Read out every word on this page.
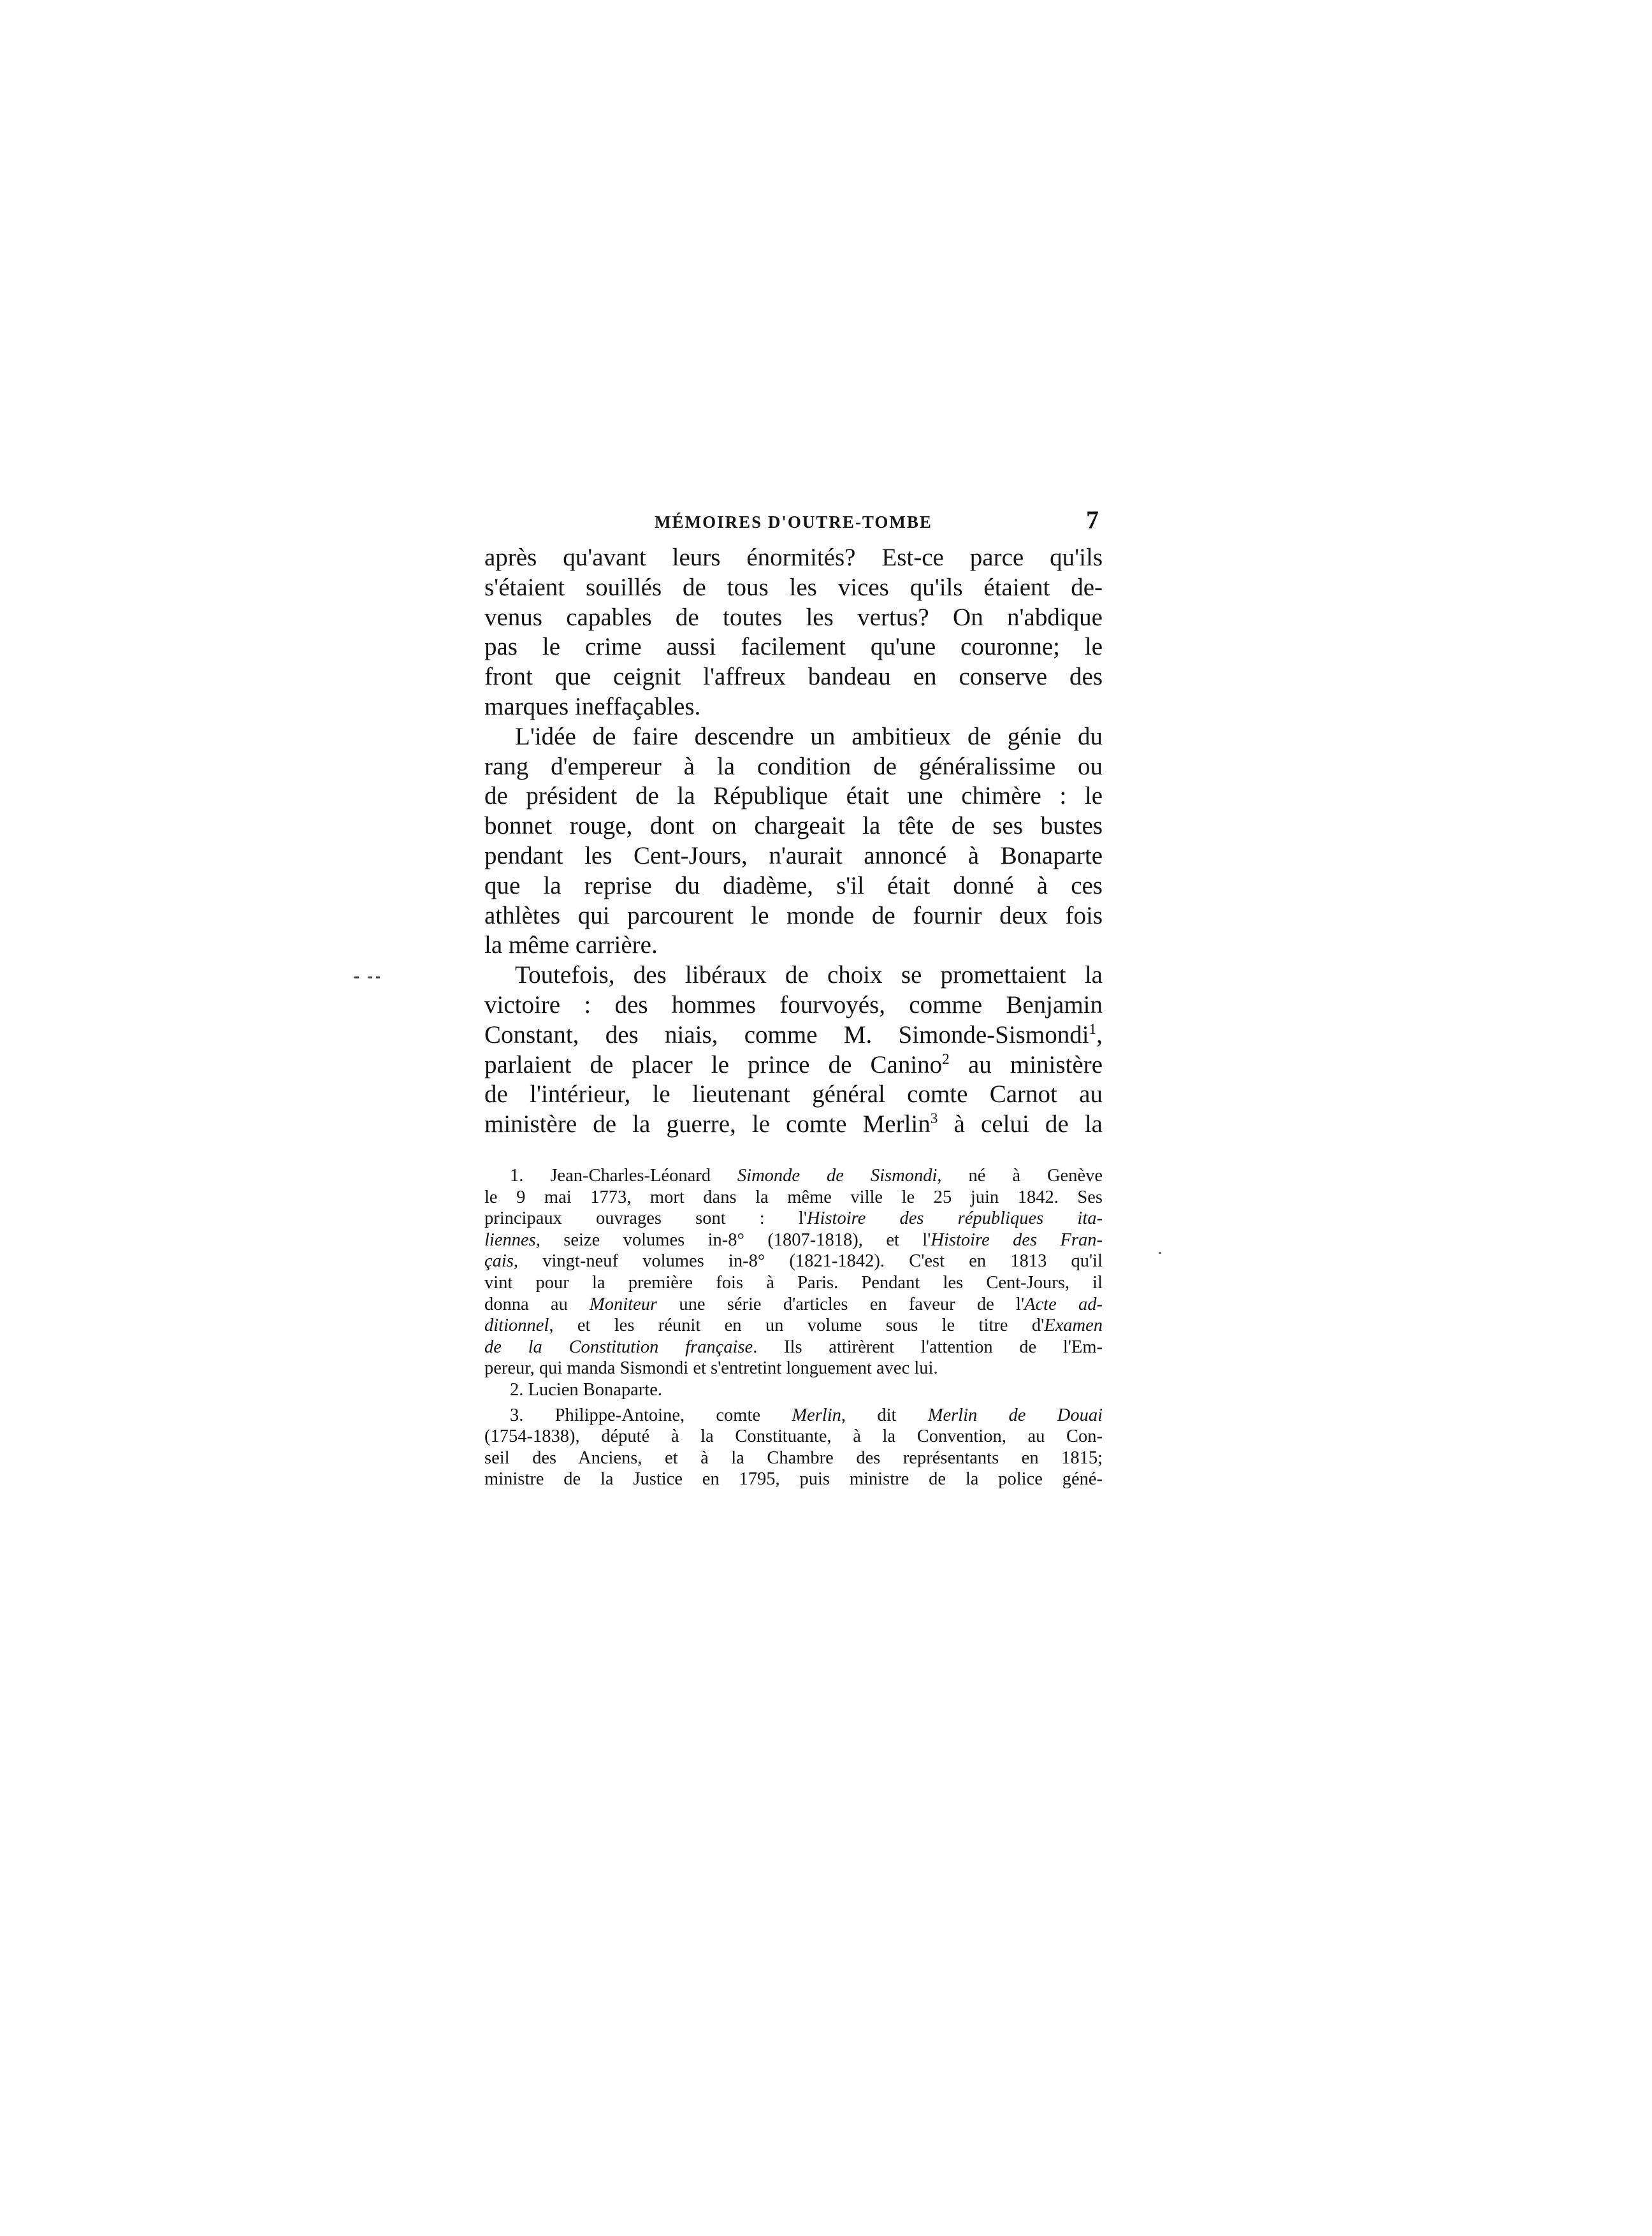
MÉMOIRES D'OUTRE-TOMBE	7
après qu'avant leurs énormités? Est-ce parce qu'ils
s'étaient souillés de tous les vices qu'ils étaient de-
venus capables de toutes les vertus? On n'abdique
pas le crime aussi facilement qu'une couronne; le
front que ceignit l'affreux bandeau en conserve des
marques ineffaçables.
L'idée de faire descendre un ambitieux de génie du
rang d'empereur à la condition de généralissime ou
de président de la République était une chimère : le
bonnet rouge, dont on chargeait la tête de ses bustes
pendant les Cent-Jours, n'aurait annoncé à Bonaparte
que la reprise du diadème, s'il était donné à ces
athlètes qui parcourent le monde de fournir deux fois
la même carrière.
Toutefois, des libéraux de choix se promettaient la
victoire : des hommes fourvoyés, comme Benjamin
Constant, des niais, comme M. Simonde-Sismondi$^1$,
parlaient de placer le prince de Canino$^2$ au ministère
de l'intérieur, le lieutenant général comte Carnot au
ministère de la guerre, le comte Merlin$^3$ à celui de la
1. Jean-Charles-Léonard Simonde de Sismondi, né à Genève
le 9 mai 1773, mort dans la même ville le 25 juin 1842. Ses
principaux ouvrages sont : l'Histoire des républiques ita-
liennes, seize volumes in-8° (1807-1818), et l'Histoire des Fran-
çais, vingt-neuf volumes in-8° (1821-1842). C'est en 1813 qu'il
vint pour la première fois à Paris. Pendant les Cent-Jours, il
donna au Moniteur une série d'articles en faveur de l'Acte ad-
ditionnel, et les réunit en un volume sous le titre d'Examen
de la Constitution française. Ils attirèrent l'attention de l'Em-
pereur, qui manda Sismondi et s'entretint longuement avec lui.
2. Lucien Bonaparte.
3. Philippe-Antoine, comte Merlin, dit Merlin de Douai
(1754-1838), député à la Constituante, à la Convention, au Con-
seil des Anciens, et à la Chambre des représentants en 1815;
ministre de la Justice en 1795, puis ministre de la police géné-
